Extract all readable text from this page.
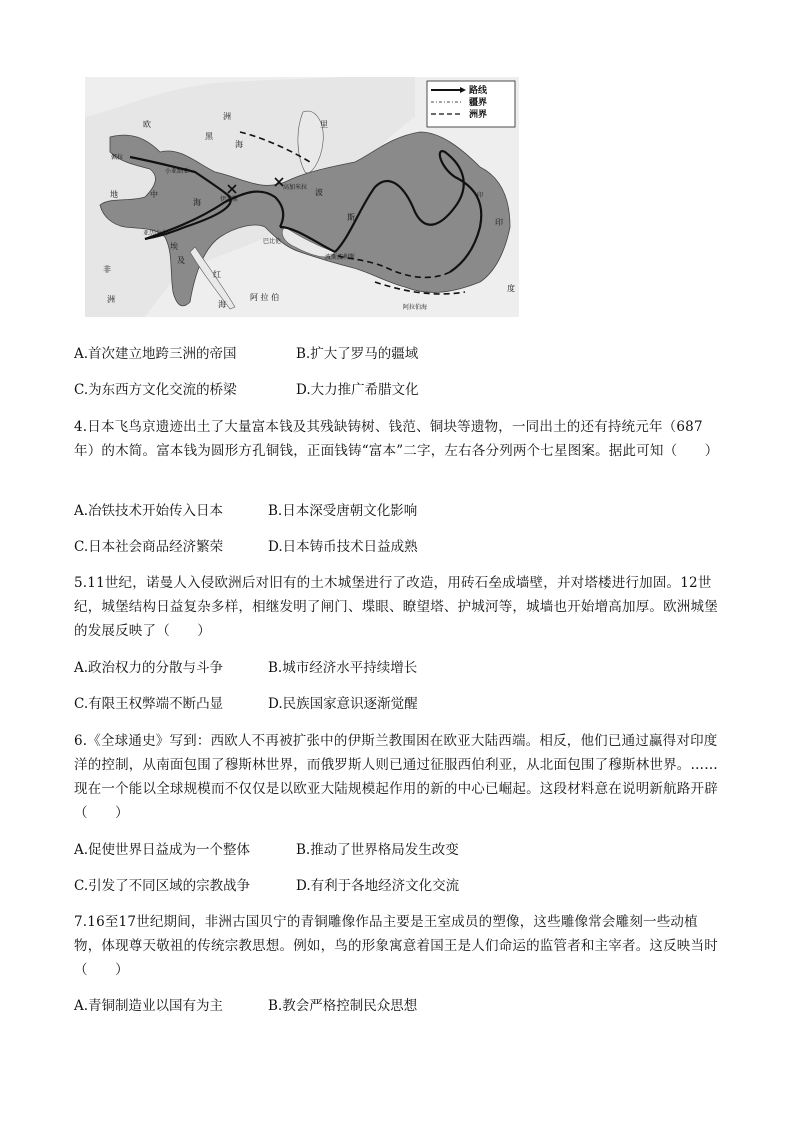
路线
疆界
洲界
欧
洲
黑
海
里
佩拉
小亚细亚
伊苏斯
高加米拉
地	中
海
亚历山大
波
斯
巴比伦
波斯波利斯
印
度
阿 拉 伯
阿拉伯海
非
洲
红
海
埃
及
印
A.首次建立地跨三洲的帝国	B.扩大了罗马的疆域
C.为东西方文化交流的桥梁	D.大力推广希腊文化

4.日本飞鸟京遗迹出土了大量富本钱及其残缺铸树、钱范、铜块等遗物，一同出土的还有持统元年（687年）的木简。富本钱为圆形方孔铜钱，正面钱铸“富本”二字，左右各分列两个七星图案。据此可知（　　）

A.冶铁技术开始传入日本	B.日本深受唐朝文化影响
C.日本社会商品经济繁荣	D.日本铸币技术日益成熟

5.11世纪，诺曼人入侵欧洲后对旧有的土木城堡进行了改造，用砖石垒成墙壁，并对塔楼进行加固。12世纪，城堡结构日益复杂多样，相继发明了闸门、堞眼、瞭望塔、护城河等，城墙也开始增高加厚。欧洲城堡的发展反映了（　　）

A.政治权力的分散与斗争	B.城市经济水平持续增长
C.有限王权弊端不断凸显	D.民族国家意识逐渐觉醒

6.《全球通史》写到：西欧人不再被扩张中的伊斯兰教围困在欧亚大陆西端。相反，他们已通过赢得对印度洋的控制，从南面包围了穆斯林世界，而俄罗斯人则已通过征服西伯利亚，从北面包围了穆斯林世界。……现在一个能以全球规模而不仅仅是以欧亚大陆规模起作用的新的中心已崛起。这段材料意在说明新航路开辟（　　）

A.促使世界日益成为一个整体	B.推动了世界格局发生改变
C.引发了不同区域的宗教战争	D.有利于各地经济文化交流

7.16至17世纪期间，非洲古国贝宁的青铜雕像作品主要是王室成员的塑像，这些雕像常会雕刻一些动植物，体现尊天敬祖的传统宗教思想。例如，鸟的形象寓意着国王是人们命运的监管者和主宰者。这反映当时（　　）

A.青铜制造业以国有为主	B.教会严格控制民众思想
